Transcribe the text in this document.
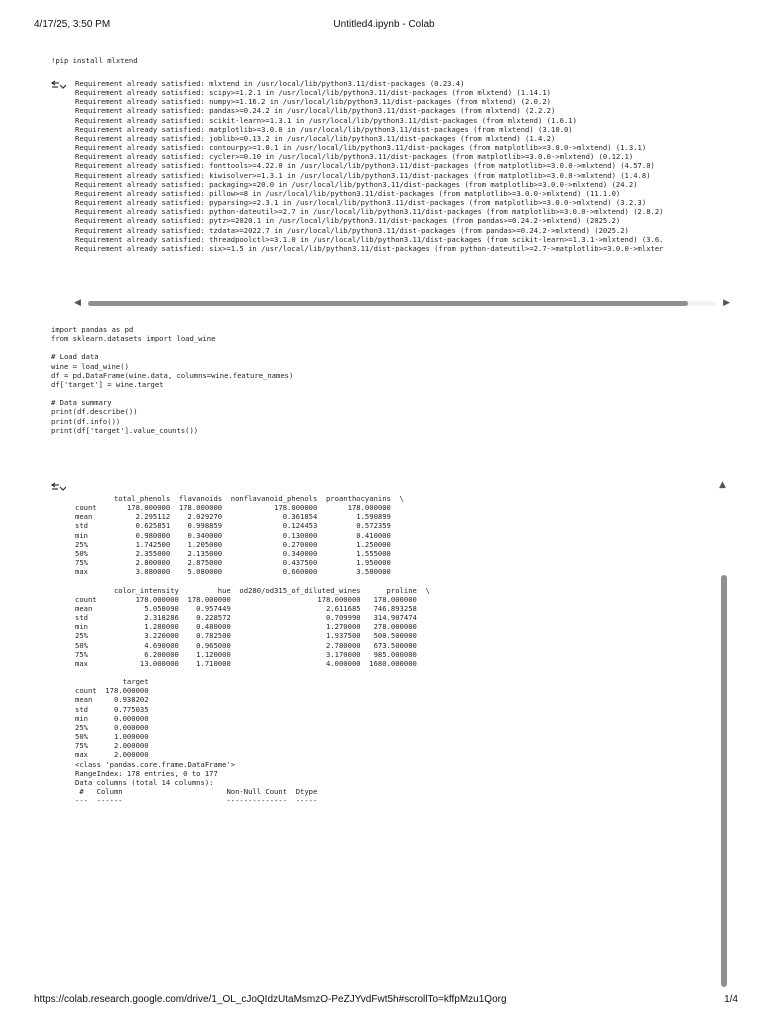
4/17/25, 3:50 PM	Untitled4.ipynb - Colab
!pip install mlxtend
Requirement already satisfied: mlxtend in /usr/local/lib/python3.11/dist-packages (0.23.4)
Requirement already satisfied: scipy>=1.2.1 in /usr/local/lib/python3.11/dist-packages (from mlxtend) (1.14.1)
Requirement already satisfied: numpy>=1.16.2 in /usr/local/lib/python3.11/dist-packages (from mlxtend) (2.0.2)
Requirement already satisfied: pandas>=0.24.2 in /usr/local/lib/python3.11/dist-packages (from mlxtend) (2.2.2)
Requirement already satisfied: scikit-learn>=1.3.1 in /usr/local/lib/python3.11/dist-packages (from mlxtend) (1.6.1)
Requirement already satisfied: matplotlib>=3.0.0 in /usr/local/lib/python3.11/dist-packages (from mlxtend) (3.10.0)
Requirement already satisfied: joblib>=0.13.2 in /usr/local/lib/python3.11/dist-packages (from mlxtend) (1.4.2)
Requirement already satisfied: contourpy>=1.0.1 in /usr/local/lib/python3.11/dist-packages (from matplotlib>=3.0.0->mlxtend) (1.3.1)
Requirement already satisfied: cycler>=0.10 in /usr/local/lib/python3.11/dist-packages (from matplotlib>=3.0.0->mlxtend) (0.12.1)
Requirement already satisfied: fonttools>=4.22.0 in /usr/local/lib/python3.11/dist-packages (from matplotlib>=3.0.0->mlxtend) (4.57.0)
Requirement already satisfied: kiwisolver>=1.3.1 in /usr/local/lib/python3.11/dist-packages (from matplotlib>=3.0.0->mlxtend) (1.4.8)
Requirement already satisfied: packaging>=20.0 in /usr/local/lib/python3.11/dist-packages (from matplotlib>=3.0.0->mlxtend) (24.2)
Requirement already satisfied: pillow>=8 in /usr/local/lib/python3.11/dist-packages (from matplotlib>=3.0.0->mlxtend) (11.1.0)
Requirement already satisfied: pyparsing>=2.3.1 in /usr/local/lib/python3.11/dist-packages (from matplotlib>=3.0.0->mlxtend) (3.2.3)
Requirement already satisfied: python-dateutil>=2.7 in /usr/local/lib/python3.11/dist-packages (from matplotlib>=3.0.0->mlxtend) (2.8.2)
Requirement already satisfied: pytz>=2020.1 in /usr/local/lib/python3.11/dist-packages (from pandas>=0.24.2->mlxtend) (2025.2)
Requirement already satisfied: tzdata>=2022.7 in /usr/local/lib/python3.11/dist-packages (from pandas>=0.24.2->mlxtend) (2025.2)
Requirement already satisfied: threadpoolctl>=3.1.0 in /usr/local/lib/python3.11/dist-packages (from scikit-learn>=1.3.1->mlxtend) (3.6.
Requirement already satisfied: six>=1.5 in /usr/local/lib/python3.11/dist-packages (from python-dateutil>=2.7->matplotlib>=3.0.0->mlxter
◀	▶
import pandas as pd
from sklearn.datasets import load_wine

# Load data
wine = load_wine()
df = pd.DataFrame(wine.data, columns=wine.feature_names)
df['target'] = wine.target

# Data summary
print(df.describe())
print(df.info())
print(df['target'].value_counts())

...        .......   .......           .......         .......

total_phenols  flavanoids  nonflavanoid_phenols  proanthocyanins  \
count       178.000000  178.000000            178.000000       178.000000
mean          2.295112    2.029270              0.361854         1.590899
std           0.625851    0.998859              0.124453         0.572359
min           0.980000    0.340000              0.130000         0.410000
25%           1.742500    1.205000              0.270000         1.250000
50%           2.355000    2.135000              0.340000         1.555000
75%           2.800000    2.875000              0.437500         1.950000
max           3.880000    5.080000              0.660000         3.580000

color_intensity         hue  od280/od315_of_diluted_wines      proline  \
count         178.000000  178.000000                    178.000000   178.000000
mean            5.058090    0.957449                      2.611685   746.893258
std             2.318286    0.228572                      0.709990   314.907474
min             1.280000    0.480000                      1.270000   278.000000
25%             3.220000    0.782500                      1.937500   500.500000
50%             4.690000    0.965000                      2.780000   673.500000
75%             6.200000    1.120000                      3.170000   985.000000
max            13.000000    1.710000                      4.000000  1680.000000

target
count  178.000000
mean     0.938202
std      0.775035
min      0.000000
25%      0.000000
50%      1.000000
75%      2.000000
max      2.000000
<class 'pandas.core.frame.DataFrame'>
RangeIndex: 178 entries, 0 to 177
Data columns (total 14 columns):
#   Column                        Non-Null Count  Dtype
---  ------                        --------------  -----
▲
https://colab.research.google.com/drive/1_OL_cJoQIdzUtaMsmzO-PeZJYvdFwt5h#scrollTo=kffpMzu1Qorg	1/4
